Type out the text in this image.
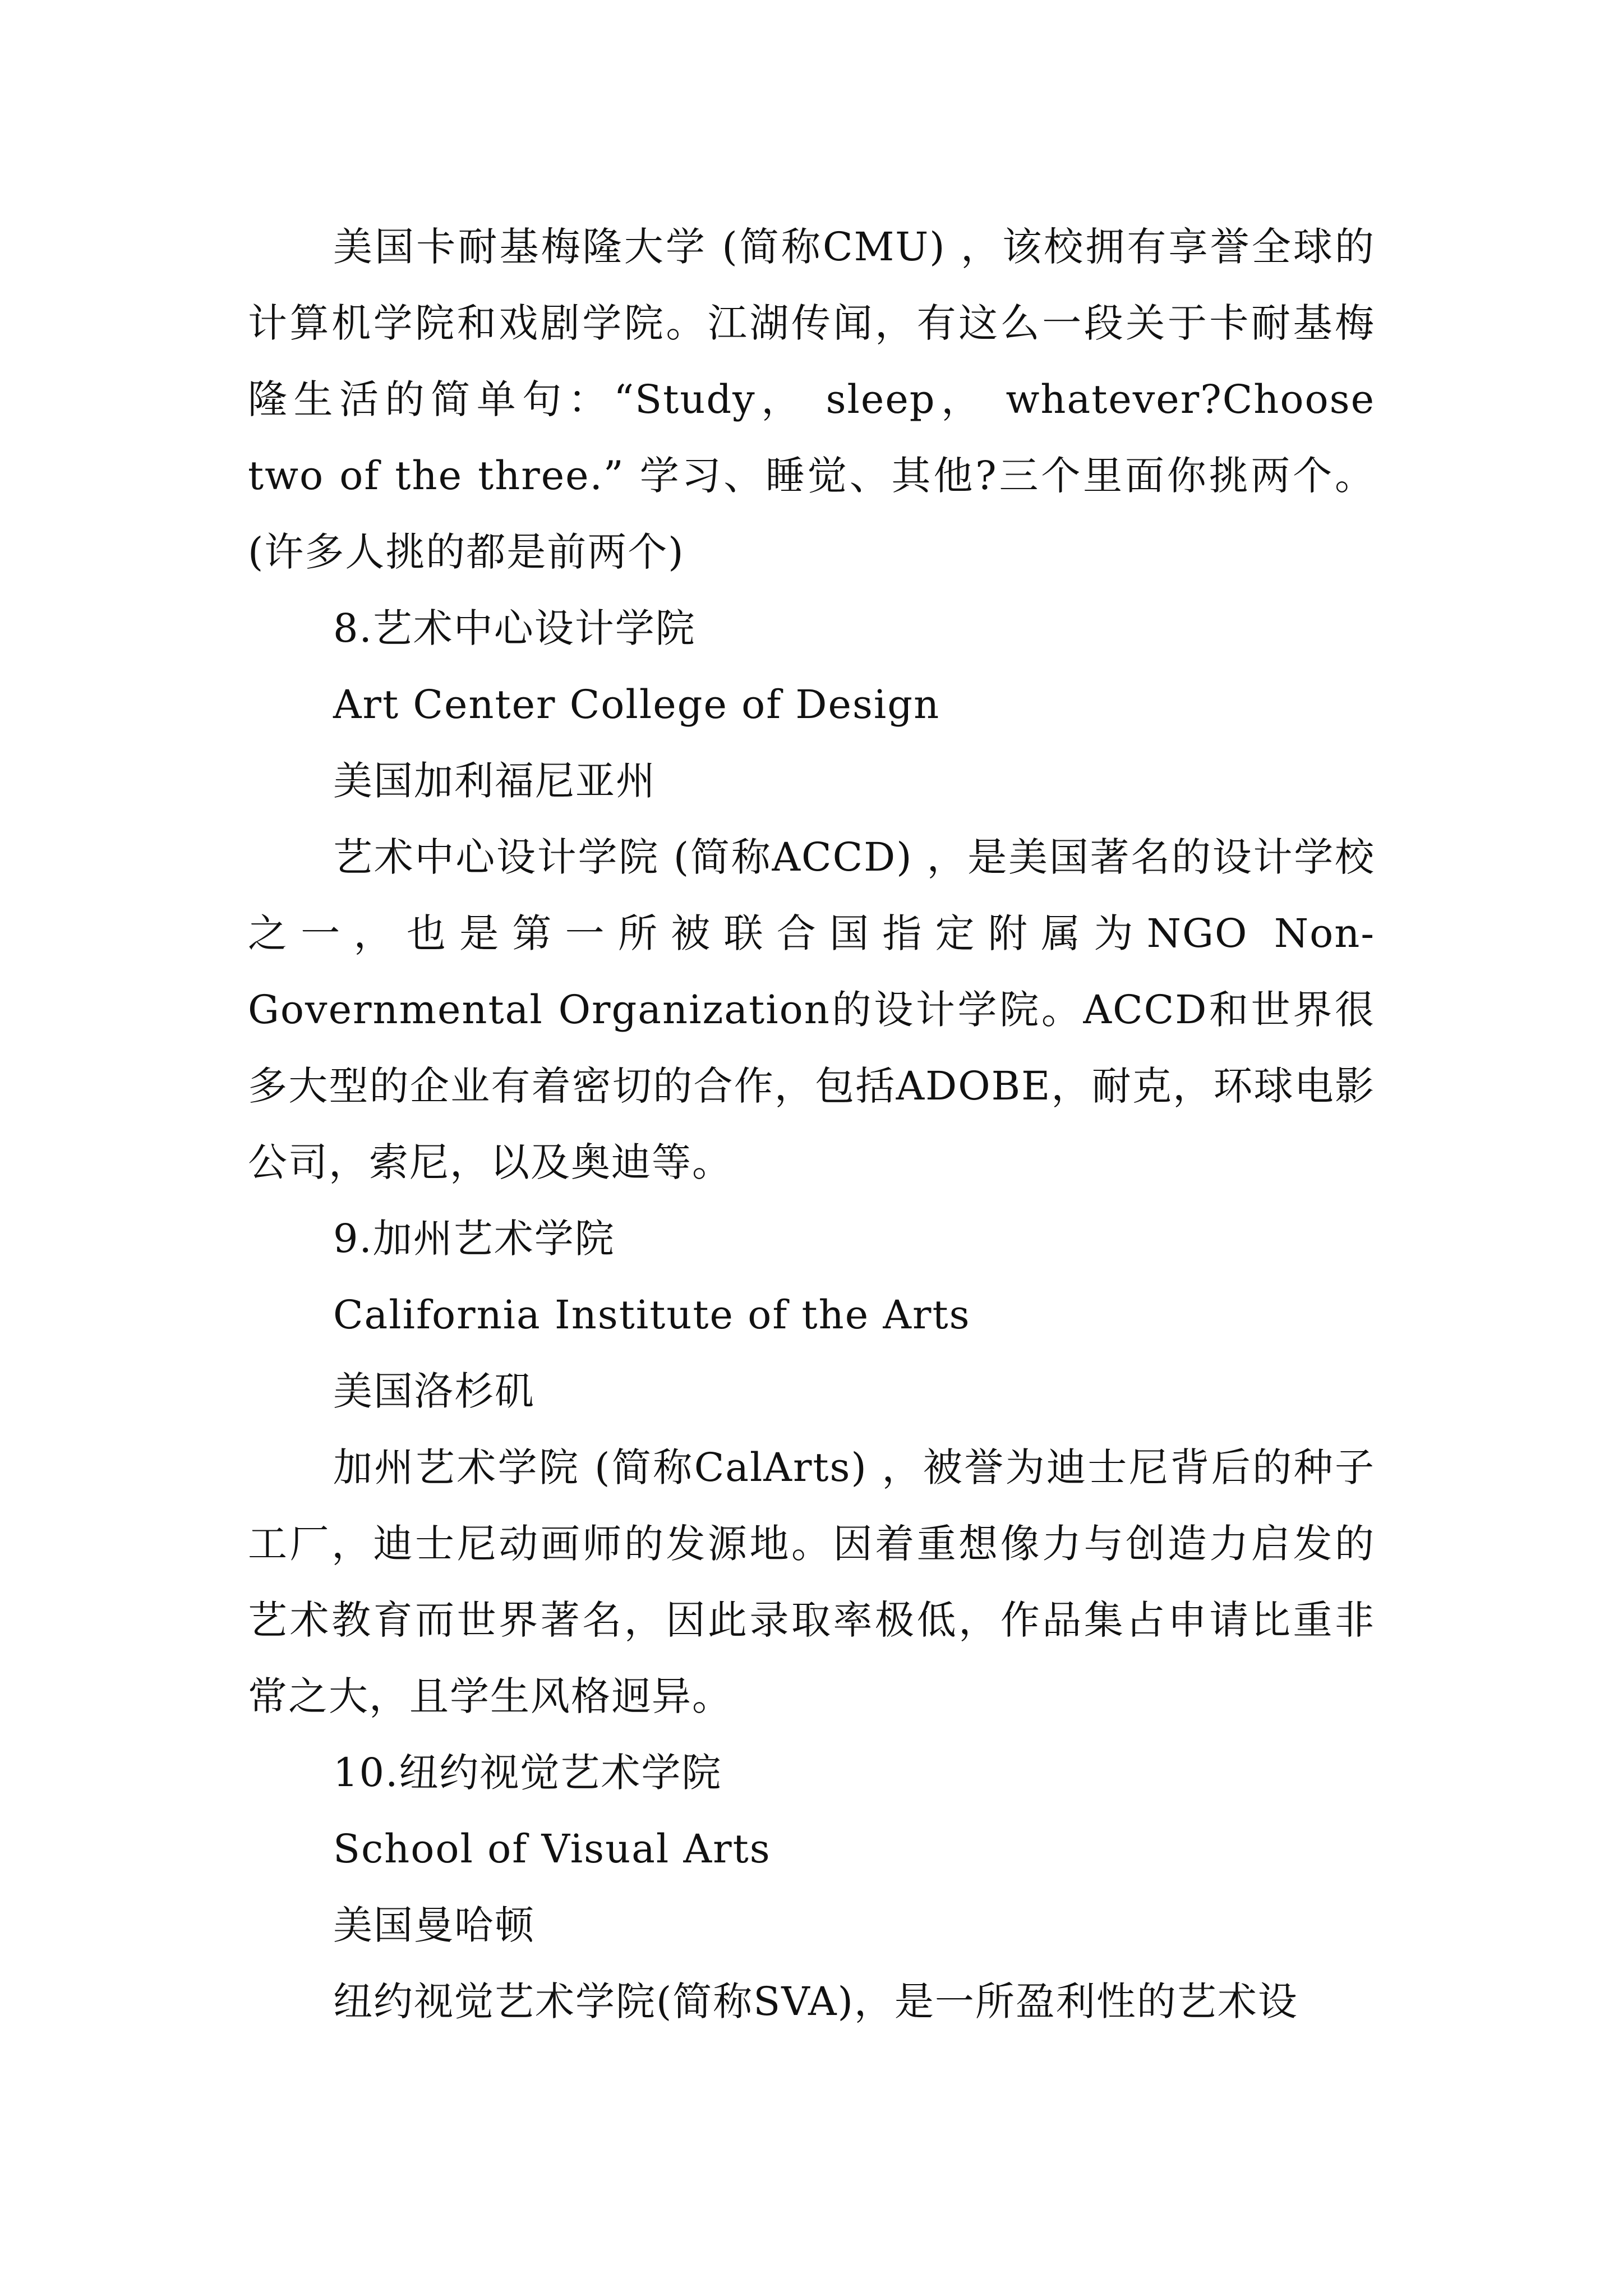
美国卡耐基梅隆大学 (简称CMU) ，该校拥有享誉全球的计算机学院和戏剧学院。江湖传闻，有这么一段关于卡耐基梅隆生活的简单句：“Study， sleep， whatever?Choose two of the three.” 学习、睡觉、其他?三个里面你挑两个。(许多人挑的都是前两个)

8.艺术中心设计学院

Art Center College of Design

美国加利福尼亚州

艺术中心设计学院 (简称ACCD) ，是美国著名的设计学校之一，也是第一所被联合国指定附属为NGO Non-Governmental Organization的设计学院。ACCD和世界很多大型的企业有着密切的合作，包括ADOBE，耐克，环球电影公司，索尼，以及奥迪等。

9.加州艺术学院

California Institute of the Arts

美国洛杉矶

加州艺术学院 (简称CalArts) ，被誉为迪士尼背后的种子工厂，迪士尼动画师的发源地。因着重想像力与创造力启发的艺术教育而世界著名，因此录取率极低，作品集占申请比重非常之大，且学生风格迥异。

10.纽约视觉艺术学院

School of Visual Arts

美国曼哈顿

纽约视觉艺术学院(简称SVA)，是一所盈利性的艺术设
